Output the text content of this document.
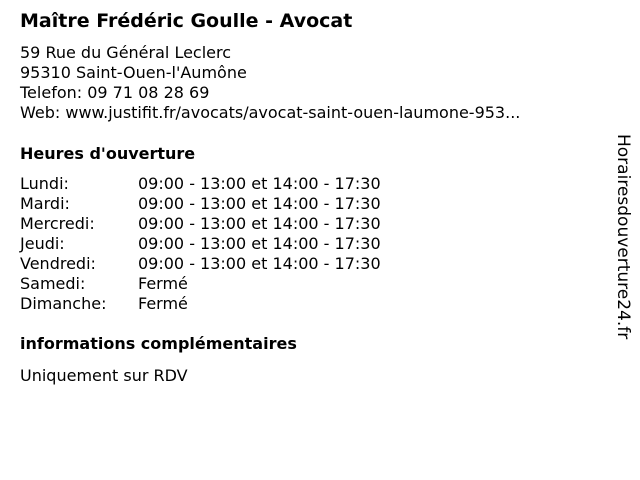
Maître Frédéric Goulle - Avocat
59 Rue du Général Leclerc
95310 Saint-Ouen-l'Aumône
Telefon: 09 71 08 28 69
Web: www.justifit.fr/avocats/avocat-saint-ouen-laumone-953...
Heures d'ouverture
Lundi:	09:00 - 13:00 et 14:00 - 17:30
Mardi:	09:00 - 13:00 et 14:00 - 17:30
Mercredi:	09:00 - 13:00 et 14:00 - 17:30
Jeudi:	09:00 - 13:00 et 14:00 - 17:30
Vendredi:	09:00 - 13:00 et 14:00 - 17:30
Samedi:	Fermé
Dimanche: Fermé
informations complémentaires
Uniquement sur RDV
Horairesdouverture24.fr
